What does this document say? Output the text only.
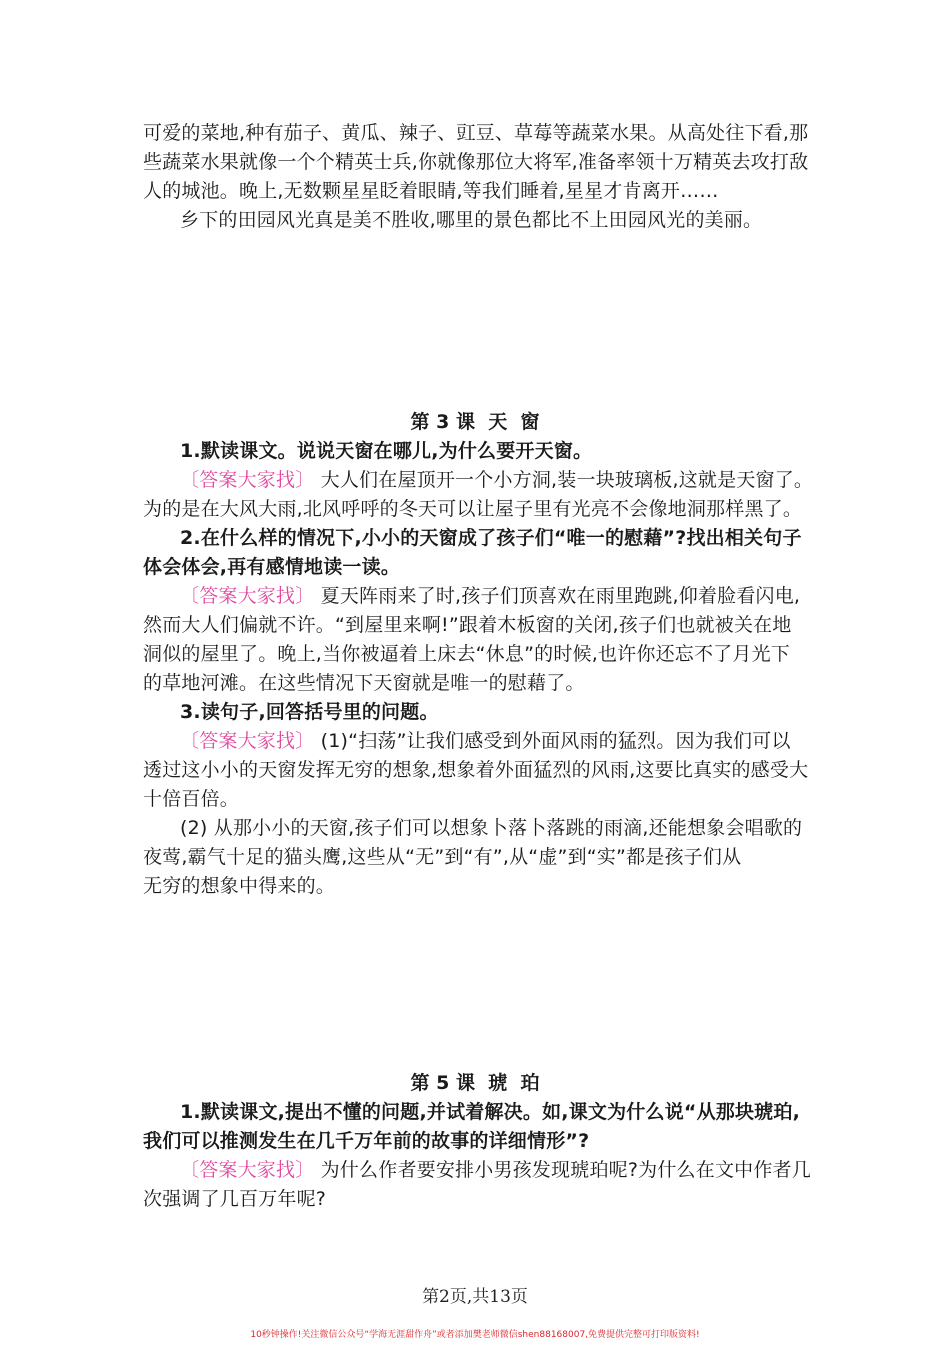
可爱的菜地,种有茄子、黄瓜、辣子、豇豆、草莓等蔬菜水果。从高处往下看,那
些蔬菜水果就像一个个精英士兵,你就像那位大将军,准备率领十万精英去攻打敌
人的城池。晚上,无数颗星星眨着眼睛,等我们睡着,星星才肯离开……
乡下的田园风光真是美不胜收,哪里的景色都比不上田园风光的美丽。
第 3 课 天  窗
1.默读课文。说说天窗在哪儿,为什么要开天窗。
〔答案大家找〕 大人们在屋顶开一个小方洞,装一块玻璃板,这就是天窗了。
为的是在大风大雨,北风呼呼的冬天可以让屋子里有光亮不会像地洞那样黑了。
2.在什么样的情况下,小小的天窗成了孩子们“唯一的慰藉”?找出相关句子
体会体会,再有感情地读一读。
〔答案大家找〕 夏天阵雨来了时,孩子们顶喜欢在雨里跑跳,仰着脸看闪电,
然而大人们偏就不许。“到屋里来啊!”跟着木板窗的关闭,孩子们也就被关在地
洞似的屋里了。晚上,当你被逼着上床去“休息”的时候,也许你还忘不了月光下
的草地河滩。在这些情况下天窗就是唯一的慰藉了。
3.读句子,回答括号里的问题。
〔答案大家找〕 (1)“扫荡”让我们感受到外面风雨的猛烈。因为我们可以
透过这小小的天窗发挥无穷的想象,想象着外面猛烈的风雨,这要比真实的感受大
十倍百倍。
(2) 从那小小的天窗,孩子们可以想象卜落卜落跳的雨滴,还能想象会唱歌的
夜莺,霸气十足的猫头鹰,这些从“无”到“有”,从“虚”到“实”都是孩子们从
无穷的想象中得来的。
第 5 课 琥  珀
1.默读课文,提出不懂的问题,并试着解决。如,课文为什么说“从那块琥珀,
我们可以推测发生在几千万年前的故事的详细情形”?
〔答案大家找〕 为什么作者要安排小男孩发现琥珀呢?为什么在文中作者几
次强调了几百万年呢?
第2页,共13页
10秒钟操作!关注微信公众号“学海无涯甜作舟”或者添加樊老师微信shen88168007,免费提供完整可打印版资料!
